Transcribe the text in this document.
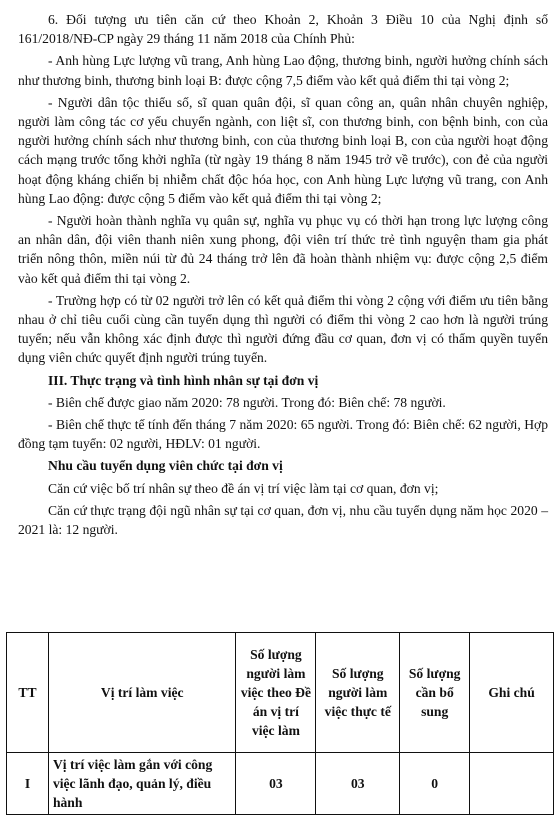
6. Đối tượng ưu tiên căn cứ theo Khoản 2, Khoản 3 Điều 10 của Nghị định số 161/2018/NĐ-CP ngày 29 tháng 11 năm 2018 của Chính Phủ:

- Anh hùng Lực lượng vũ trang, Anh hùng Lao động, thương binh, người hưởng chính sách như thương binh, thương binh loại B: được cộng 7,5 điểm vào kết quả điểm thi tại vòng 2;

- Người dân tộc thiểu số, sĩ quan quân đội, sĩ quan công an, quân nhân chuyên nghiệp, người làm công tác cơ yếu chuyển ngành, con liệt sĩ, con thương binh, con bệnh binh, con của người hưởng chính sách như thương binh, con của thương binh loại B, con của người hoạt động cách mạng trước tổng khởi nghĩa (từ ngày 19 tháng 8 năm 1945 trở về trước), con đẻ của người hoạt động kháng chiến bị nhiễm chất độc hóa học, con Anh hùng Lực lượng vũ trang, con Anh hùng Lao động: được cộng 5 điểm vào kết quả điểm thi tại vòng 2;

- Người hoàn thành nghĩa vụ quân sự, nghĩa vụ phục vụ có thời hạn trong lực lượng công an nhân dân, đội viên thanh niên xung phong, đội viên trí thức trẻ tình nguyện tham gia phát triển nông thôn, miền núi từ đủ 24 tháng trở lên đã hoàn thành nhiệm vụ: được cộng 2,5 điểm vào kết quả điểm thi tại vòng 2.

- Trường hợp có từ 02 người trở lên có kết quả điểm thi vòng 2 cộng với điểm ưu tiên bằng nhau ở chỉ tiêu cuối cùng cần tuyển dụng thì người có điểm thi vòng 2 cao hơn là người trúng tuyển; nếu vẫn không xác định được thì người đứng đầu cơ quan, đơn vị có thẩm quyền tuyển dụng viên chức quyết định người trúng tuyển.

III. Thực trạng và tình hình nhân sự tại đơn vị

- Biên chế được giao năm 2020: 78 người. Trong đó: Biên chế: 78 người.

- Biên chế thực tế tính đến tháng 7 năm 2020: 65 người. Trong đó: Biên chế: 62 người, Hợp đồng tạm tuyển: 02 người, HĐLV: 01 người.

Nhu cầu tuyển dụng viên chức tại đơn vị

Căn cứ việc bố trí nhân sự theo đề án vị trí việc làm tại cơ quan, đơn vị;

Căn cứ thực trạng đội ngũ nhân sự tại cơ quan, đơn vị, nhu cầu tuyển dụng năm học 2020 – 2021 là: 12 người.

TT	Vị trí làm việc	Số lượng người làm việc theo Đề án vị trí việc làm	Số lượng người làm việc thực tế	Số lượng cần bổ sung	Ghi chú
I	Vị trí việc làm gắn với công việc lãnh đạo, quản lý, điều hành	03	03	0	
